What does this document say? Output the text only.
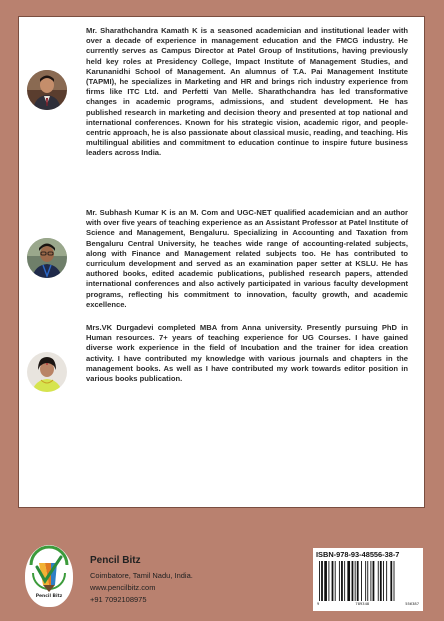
Mr. Sharathchandra Kamath K is a seasoned academician and institutional leader with over a decade of experience in management education and the FMCG industry. He currently serves as Campus Director at Patel Group of Institutions, having previously held key roles at Presidency College, Impact Institute of Management Studies, and Karunanidhi School of Management. An alumnus of T.A. Pai Management Institute (TAPMI), he specializes in Marketing and HR and brings rich industry experience from firms like ITC Ltd. and Perfetti Van Melle. Sharathchandra has led transformative changes in academic programs, admissions, and student development. He has published research in marketing and decision theory and presented at top national and international conferences. Known for his strategic vision, academic rigor, and people-centric approach, he is also passionate about classical music, reading, and teaching. His multilingual abilities and commitment to education continue to inspire future business leaders across India.

Mr. Subhash Kumar K is an M. Com and UGC-NET qualified academician and an author with over five years of teaching experience as an Assistant Professor at Patel Institute of Science and Management, Bengaluru. Specializing in Accounting and Taxation from Bengaluru Central University, he teaches wide range of accounting-related subjects, along with Finance and Management related subjects too. He has contributed to curriculum development and served as an examination paper setter at KSLU. He has authored books, edited academic publications, published research papers, attended international conferences and also actively participated in various faculty development programs, reflecting his commitment to innovation, faculty growth, and academic excellence.

Mrs.VK Durgadevi completed MBA from Anna university. Presently pursuing PhD in Human resources. 7+ years of teaching experience for UG Courses. I have gained diverse work experience in the field of Incubation and the trainer for idea creation activity. I have contributed my knowledge with various journals and chapters in the management books. As well as I have contributed my work towards editor position in various books publication.

Pencil Bitz
Pencil Bitz
Coimbatore, Tamil Nadu, India.
www.pencilbitz.com
+91 7092108975
ISBN-978-93-48556-38-7
9	789348	556387
